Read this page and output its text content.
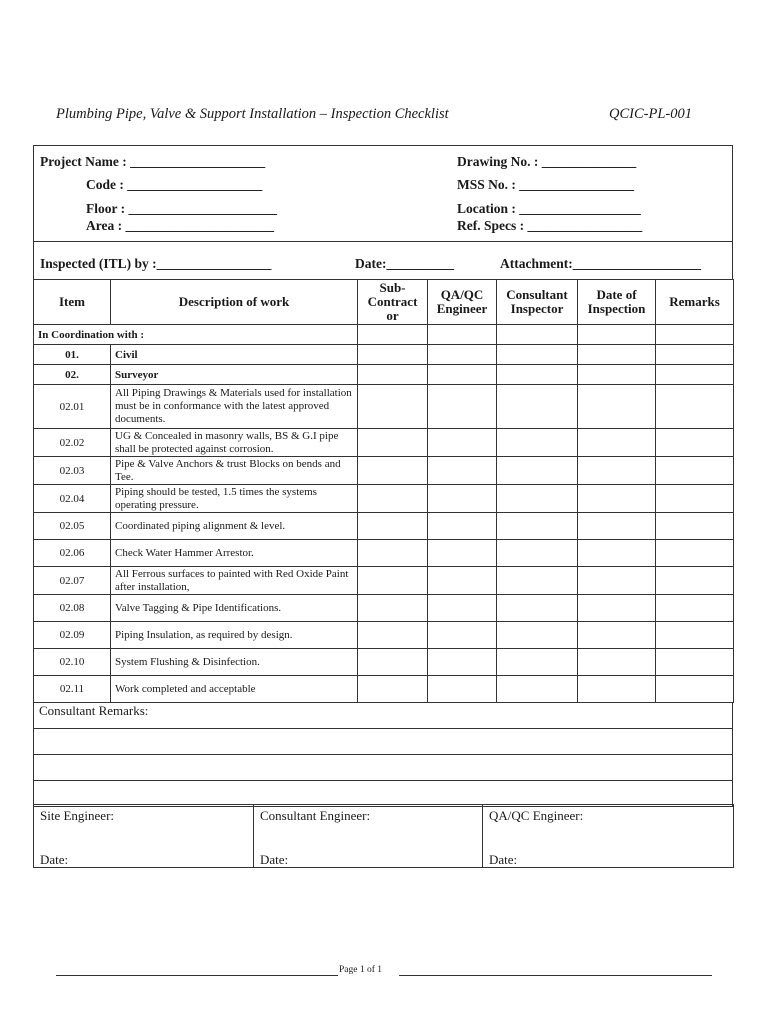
Plumbing Pipe, Valve & Support Installation – Inspection Checklist	QCIC-PL-001
Project Name : ____________________
Code : ____________________
Floor : ______________________
Area : ______________________
Drawing No. : ______________
MSS No. : _________________
Location : __________________
Ref. Specs : _________________
Inspected (ITL) by :_________________	Date:__________	Attachment:___________________
Item	Description of work	Sub-Contract or	QA/QC Engineer	Consultant Inspector	Date of Inspection	Remarks
In Coordination with :						
01.	Civil					
02.	Surveyor					
02.01	All Piping Drawings & Materials used for installation must be in conformance with the latest approved documents.					
02.02	UG & Concealed in masonry walls, BS & G.I pipe shall be protected against corrosion.					
02.03	Pipe & Valve Anchors & trust Blocks on bends and Tee.					
02.04	Piping should be tested, 1.5 times the systems operating pressure.					
02.05	Coordinated piping alignment & level.					
02.06	Check Water Hammer Arrestor.					
02.07	All Ferrous surfaces to painted with Red Oxide Paint after installation,					
02.08	Valve Tagging & Pipe Identifications.					
02.09	Piping Insulation, as required by design.					
02.10	System Flushing & Disinfection.					
02.11	Work completed and acceptable					
Consultant Remarks:

Site Engineer:
Date:

Consultant Engineer:
Date:

QA/QC Engineer:
Date:
Page 1 of 1
